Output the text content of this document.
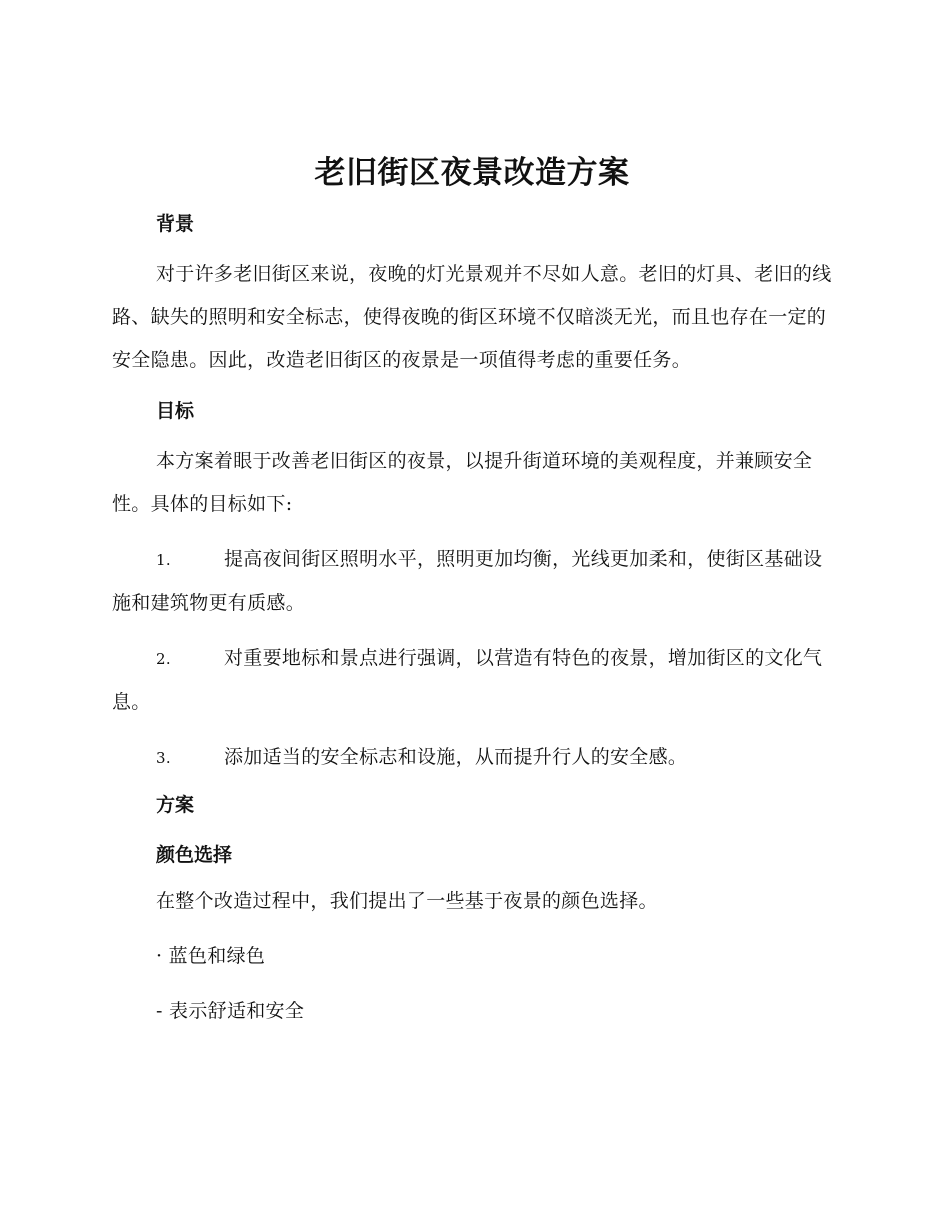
老旧街区夜景改造方案
背景

对于许多老旧街区来说，夜晚的灯光景观并不尽如人意。老旧的灯具、老旧的线路、缺失的照明和安全标志，使得夜晚的街区环境不仅暗淡无光，而且也存在一定的安全隐患。因此，改造老旧街区的夜景是一项值得考虑的重要任务。

目标

本方案着眼于改善老旧街区的夜景，以提升街道环境的美观程度，并兼顾安全性。具体的目标如下:

1.	提高夜间街区照明水平，照明更加均衡，光线更加柔和，使街区基础设施和建筑物更有质感。

2.	对重要地标和景点进行强调，以营造有特色的夜景，增加街区的文化气息。

3.	添加适当的安全标志和设施，从而提升行人的安全感。

方案
颜色选择

在整个改造过程中，我们提出了一些基于夜景的颜色选择。

· 蓝色和绿色

- 表示舒适和安全
